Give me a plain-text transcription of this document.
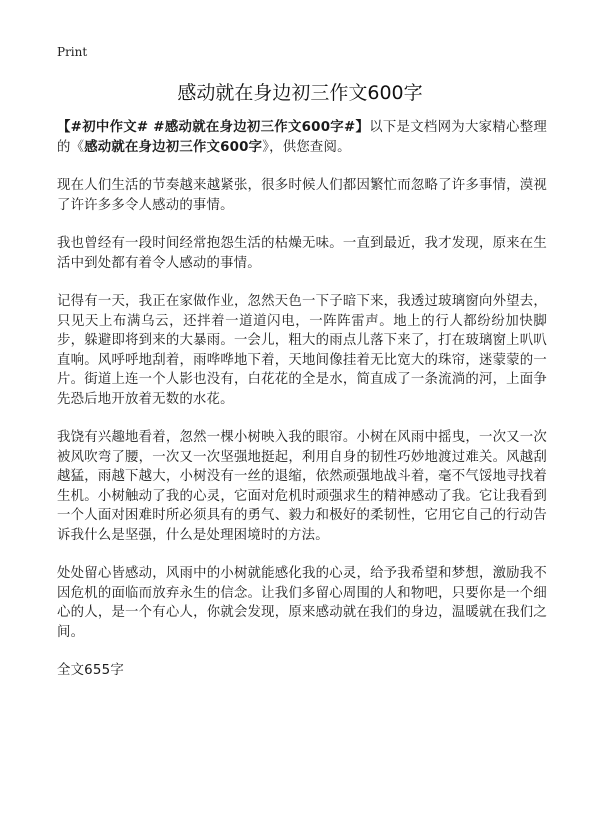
Print
感动就在身边初三作文600字

【#初中作文# #感动就在身边初三作文600字#】以下是文档网为大家精心整理的《感动就在身边初三作文600字》，供您查阅。

现在人们生活的节奏越来越紧张，很多时候人们都因繁忙而忽略了许多事情，漠视了许许多多令人感动的事情。

我也曾经有一段时间经常抱怨生活的枯燥无味。一直到最近，我才发现，原来在生活中到处都有着令人感动的事情。

记得有一天，我正在家做作业，忽然天色一下子暗下来，我透过玻璃窗向外望去，只见天上布满乌云，还拌着一道道闪电，一阵阵雷声。地上的行人都纷纷加快脚步，躲避即将到来的大暴雨。一会儿，粗大的雨点儿落下来了，打在玻璃窗上叭叭直响。风呼呼地刮着，雨哗哗地下着，天地间像挂着无比宽大的珠帘，迷蒙蒙的一片。街道上连一个人影也没有，白花花的全是水，简直成了一条流淌的河，上面争先恐后地开放着无数的水花。

我饶有兴趣地看着，忽然一棵小树映入我的眼帘。小树在风雨中摇曳，一次又一次被风吹弯了腰，一次又一次坚强地挺起，利用自身的韧性巧妙地渡过难关。风越刮越猛，雨越下越大，小树没有一丝的退缩，依然顽强地战斗着，毫不气馁地寻找着生机。小树触动了我的心灵，它面对危机时顽强求生的精神感动了我。它让我看到一个人面对困难时所必须具有的勇气、毅力和极好的柔韧性，它用它自己的行动告诉我什么是坚强，什么是处理困境时的方法。

处处留心皆感动，风雨中的小树就能感化我的心灵，给予我希望和梦想，激励我不因危机的面临而放弃永生的信念。让我们多留心周围的人和物吧，只要你是一个细心的人，是一个有心人，你就会发现，原来感动就在我们的身边，温暖就在我们之间。

全文655字
